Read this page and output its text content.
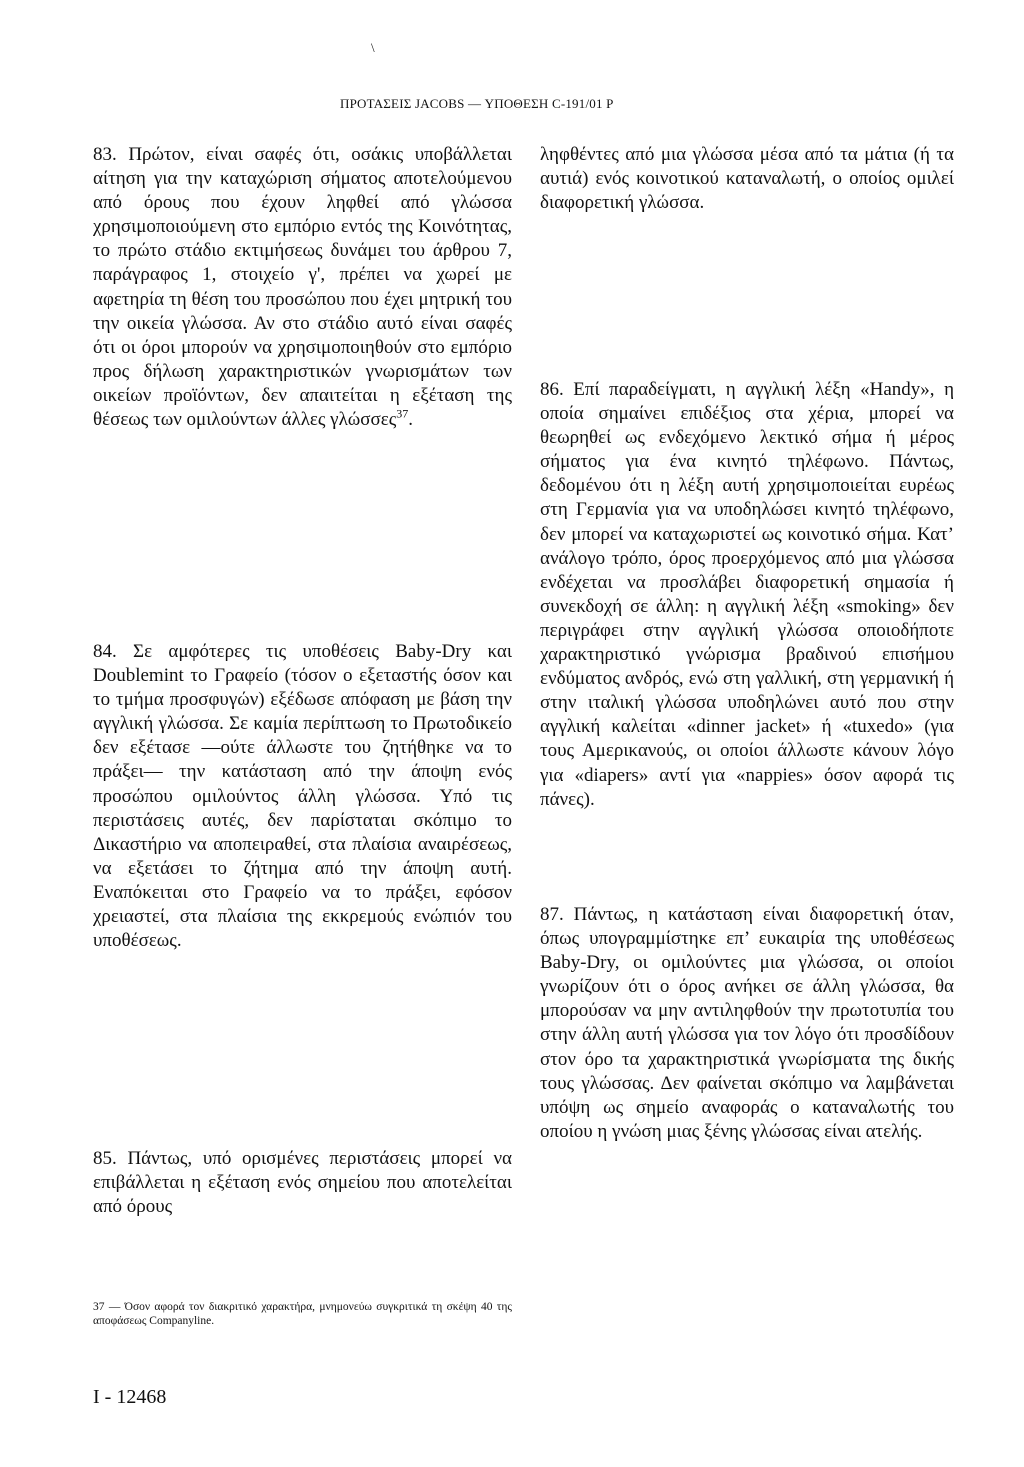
\
ΠΡΟΤΑΣΕΙΣ JACOBS — ΥΠΟΘΕΣΗ C-191/01 P

83. Πρώτον, είναι σαφές ότι, οσάκις υποβάλλεται αίτηση για την καταχώριση σήματος αποτελούμενου από όρους που έχουν ληφθεί από γλώσσα χρησιμοποιούμενη στο εμπόριο εντός της Κοινότητας, το πρώτο στάδιο εκτιμήσεως δυνάμει του άρθρου 7, παράγραφος 1, στοιχείο γ', πρέπει να χωρεί με αφετηρία τη θέση του προσώπου που έχει μητρική του την οικεία γλώσσα. Αν στο στάδιο αυτό είναι σαφές ότι οι όροι μπορούν να χρησιμοποιηθούν στο εμπόριο προς δήλωση χαρακτηριστικών γνωρισμάτων των οικείων προϊόντων, δεν απαιτείται η εξέταση της θέσεως των ομιλούντων άλλες γλώσσες$^{37}$.

84. Σε αμφότερες τις υποθέσεις Baby-Dry και Doublemint το Γραφείο (τόσον ο εξεταστής όσον και το τμήμα προσφυγών) εξέδωσε απόφαση με βάση την αγγλική γλώσσα. Σε καμία περίπτωση το Πρωτοδικείο δεν εξέτασε —ούτε άλλωστε του ζητήθηκε να το πράξει— την κατάσταση από την άποψη ενός προσώπου ομιλούντος άλλη γλώσσα. Υπό τις περιστάσεις αυτές, δεν παρίσταται σκόπιμο το Δικαστήριο να αποπειραθεί, στα πλαίσια αναιρέσεως, να εξετάσει το ζήτημα από την άποψη αυτή. Εναπόκειται στο Γραφείο να το πράξει, εφόσον χρειαστεί, στα πλαίσια της εκκρεμούς ενώπιόν του υποθέσεως.

85. Πάντως, υπό ορισμένες περιστάσεις μπορεί να επιβάλλεται η εξέταση ενός σημείου που αποτελείται από όρους

ληφθέντες από μια γλώσσα μέσα από τα μάτια (ή τα αυτιά) ενός κοινοτικού καταναλωτή, ο οποίος ομιλεί διαφορετική γλώσσα.

86. Επί παραδείγματι, η αγγλική λέξη «Handy», η οποία σημαίνει επιδέξιος στα χέρια, μπορεί να θεωρηθεί ως ενδεχόμενο λεκτικό σήμα ή μέρος σήματος για ένα κινητό τηλέφωνο. Πάντως, δεδομένου ότι η λέξη αυτή χρησιμοποιείται ευρέως στη Γερμανία για να υποδηλώσει κινητό τηλέφωνο, δεν μπορεί να καταχωριστεί ως κοινοτικό σήμα. Κατ’ ανάλογο τρόπο, όρος προερχόμενος από μια γλώσσα ενδέχεται να προσλάβει διαφορετική σημασία ή συνεκδοχή σε άλλη: η αγγλική λέξη «smoking» δεν περιγράφει στην αγγλική γλώσσα οποιοδήποτε χαρακτηριστικό γνώρισμα βραδινού επισήμου ενδύματος ανδρός, ενώ στη γαλλική, στη γερμανική ή στην ιταλική γλώσσα υποδηλώνει αυτό που στην αγγλική καλείται «dinner jacket» ή «tuxedo» (για τους Αμερικανούς, οι οποίοι άλλωστε κάνουν λόγο για «diapers» αντί για «nappies» όσον αφορά τις πάνες).

87. Πάντως, η κατάσταση είναι διαφορετική όταν, όπως υπογραμμίστηκε επ’ ευκαιρία της υποθέσεως Baby-Dry, οι ομιλούντες μια γλώσσα, οι οποίοι γνωρίζουν ότι ο όρος ανήκει σε άλλη γλώσσα, θα μπορούσαν να μην αντιληφθούν την πρωτοτυπία του στην άλλη αυτή γλώσσα για τον λόγο ότι προσδίδουν στον όρο τα χαρακτηριστικά γνωρίσματα της δικής τους γλώσσας. Δεν φαίνεται σκόπιμο να λαμβάνεται υπόψη ως σημείο αναφοράς ο καταναλωτής του οποίου η γνώση μιας ξένης γλώσσας είναι ατελής.

37 — Όσον αφορά τον διακριτικό χαρακτήρα, μνημονεύω συγκριτικά τη σκέψη 40 της αποφάσεως Companyline.
I - 12468
